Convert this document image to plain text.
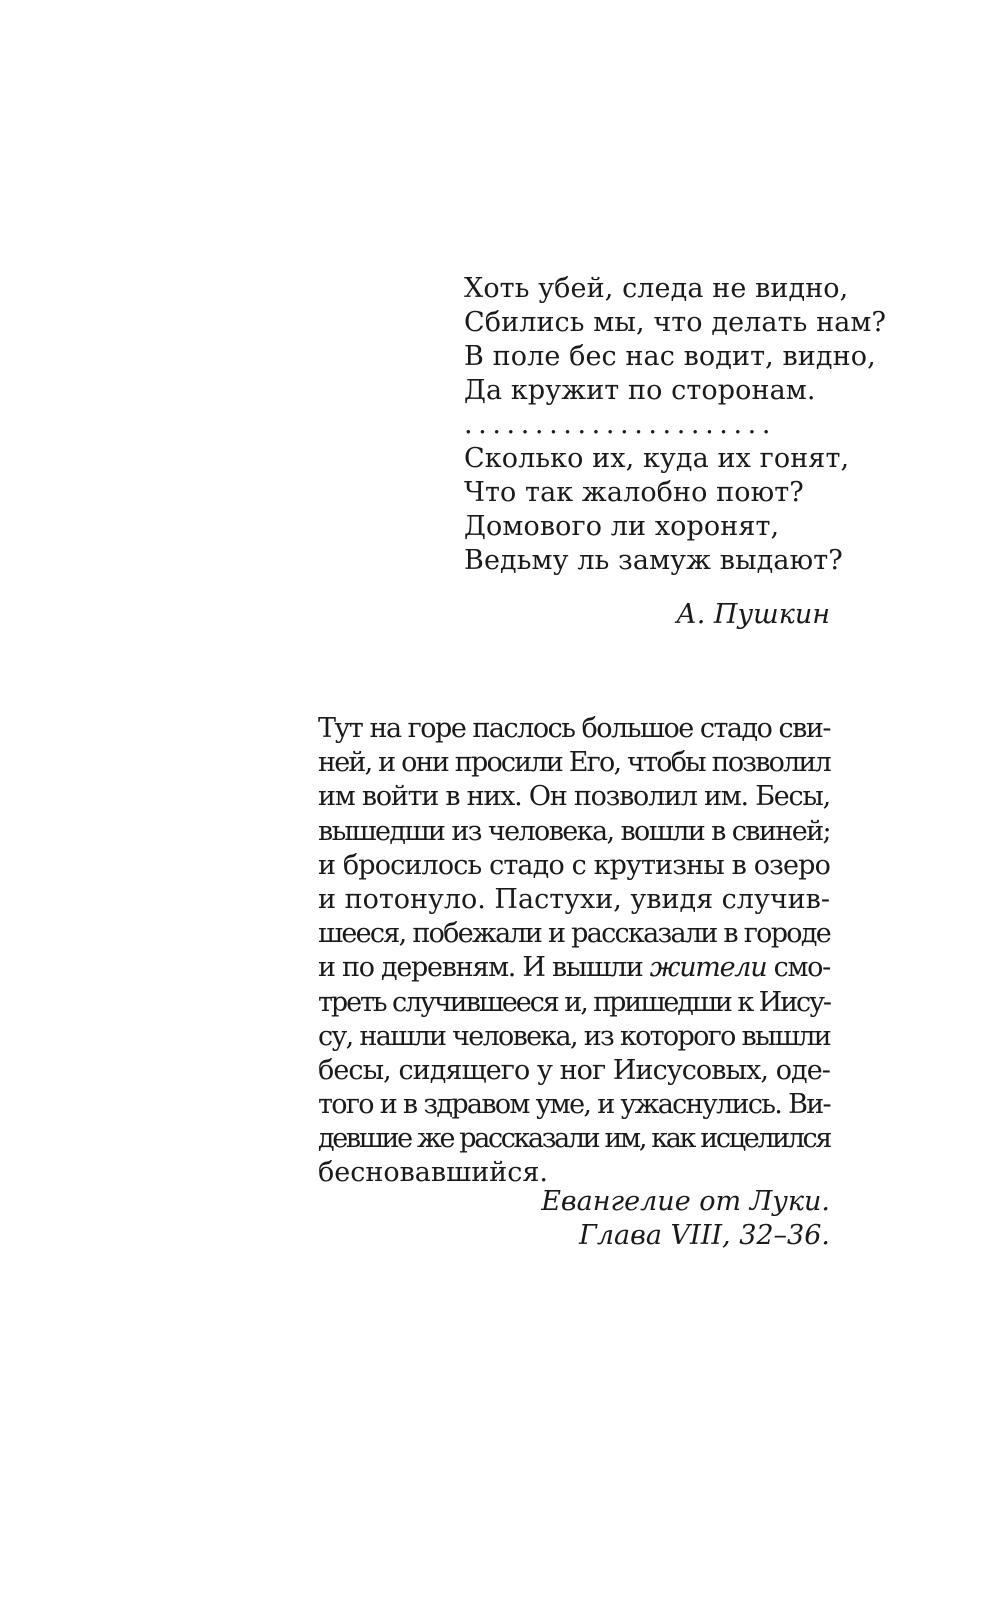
Хоть убей, следа не видно,
Сбились мы, что делать нам?
В поле бес нас водит, видно,
Да кружит по сторонам.
......................
Сколько их, куда их гонят,
Что так жалобно поют?
Домового ли хоронят,
Ведьму ль замуж выдают?
А. Пушкин
Тут на горе паслось большое стадо сви-
ней, и они просили Его, чтобы позволил
им войти в них. Он позволил им. Бесы,
вышедши из человека, вошли в свиней;
и бросилось стадо с крутизны в озеро
и потонуло. Пастухи, увидя случив-
шееся, побежали и рассказали в городе
и по деревням. И вышли жители смо-
треть случившееся и, пришедши к Иису-
су, нашли человека, из которого вышли
бесы, сидящего у ног Иисусовых, оде-
того и в здравом уме, и ужаснулись. Ви-
девшие же рассказали им, как исцелился
бесновавшийся.
Евангелие от Луки.
Глава VIII, 32–36.
